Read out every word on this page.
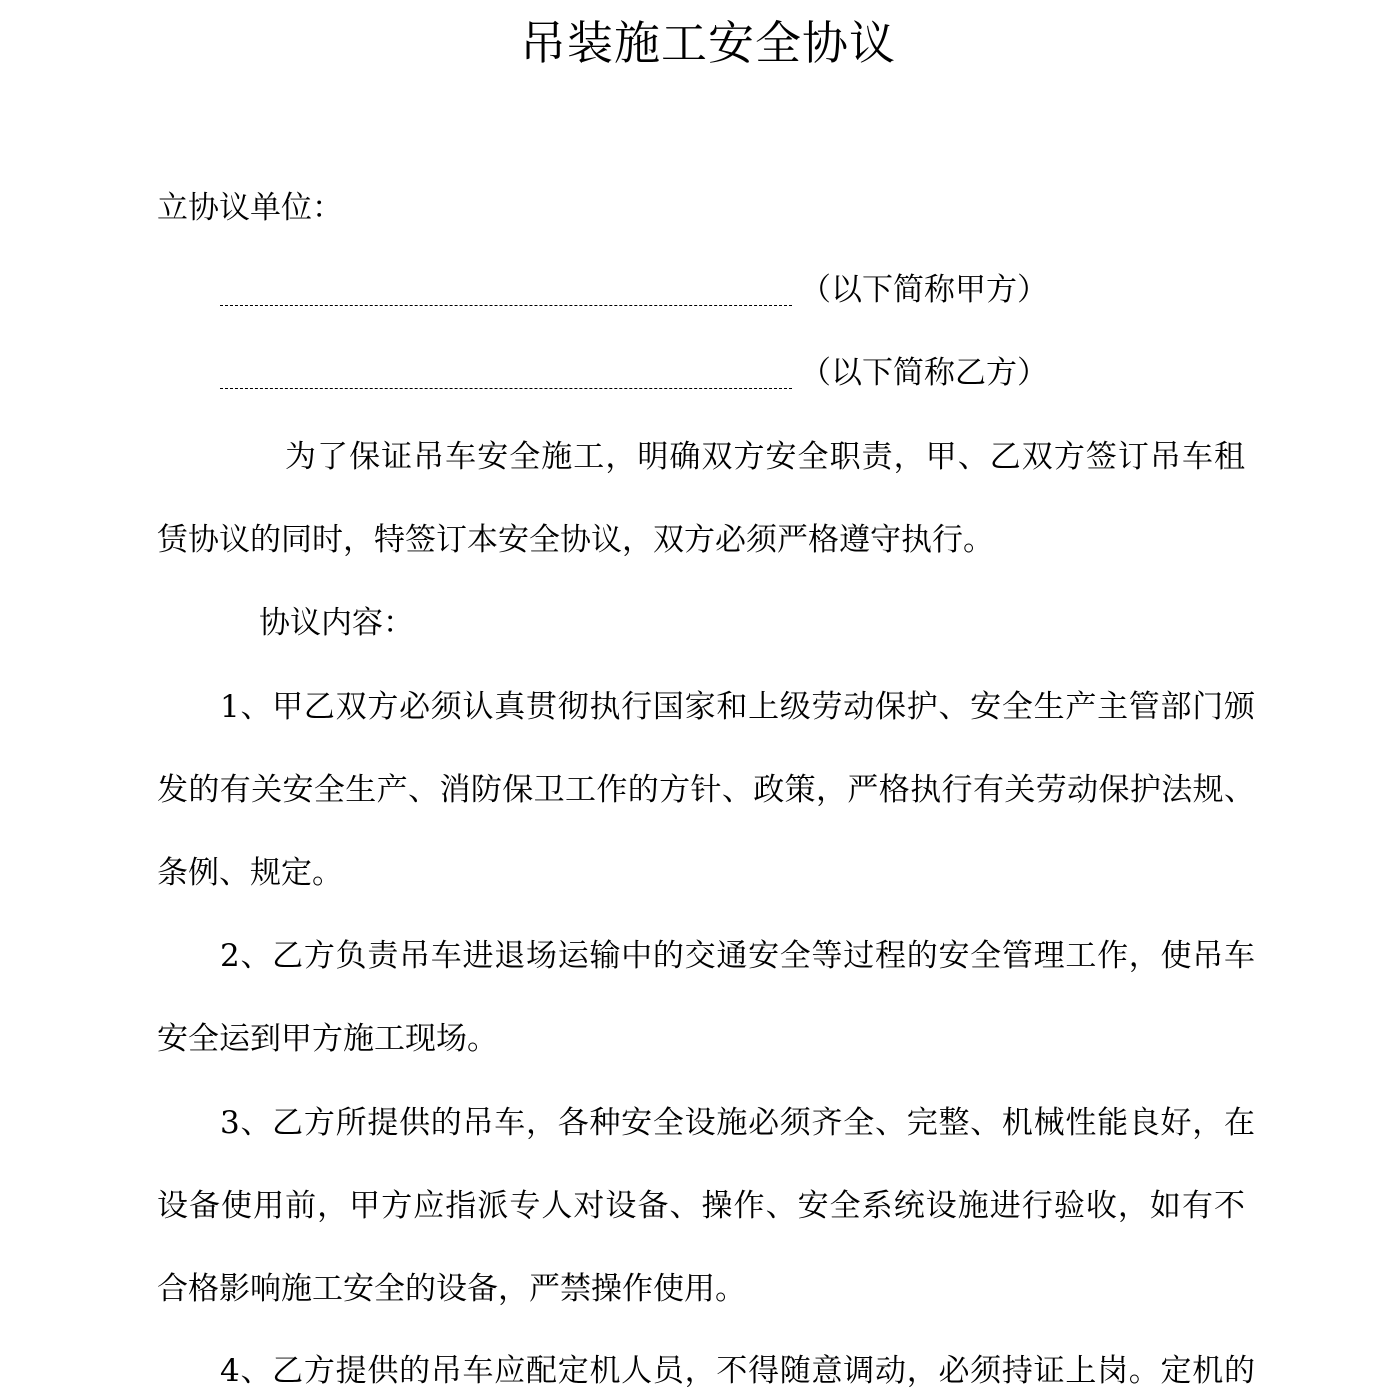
吊装施工安全协议

立协议单位：

（以下简称甲方）
（以下简称乙方）

为了保证吊车安全施工，明确双方安全职责，甲、乙双方签订吊车租

赁协议的同时，特签订本安全协议，双方必须严格遵守执行。

协议内容：

1、甲乙双方必须认真贯彻执行国家和上级劳动保护、安全生产主管部门颁

发的有关安全生产、消防保卫工作的方针、政策，严格执行有关劳动保护法规、

条例、规定。

2、乙方负责吊车进退场运输中的交通安全等过程的安全管理工作，使吊车

安全运到甲方施工现场。

3、乙方所提供的吊车，各种安全设施必须齐全、完整、机械性能良好，在

设备使用前，甲方应指派专人对设备、操作、安全系统设施进行验收，如有不

合格影响施工安全的设备，严禁操作使用。

4、乙方提供的吊车应配定机人员，不得随意调动，必须持证上岗。定机的
